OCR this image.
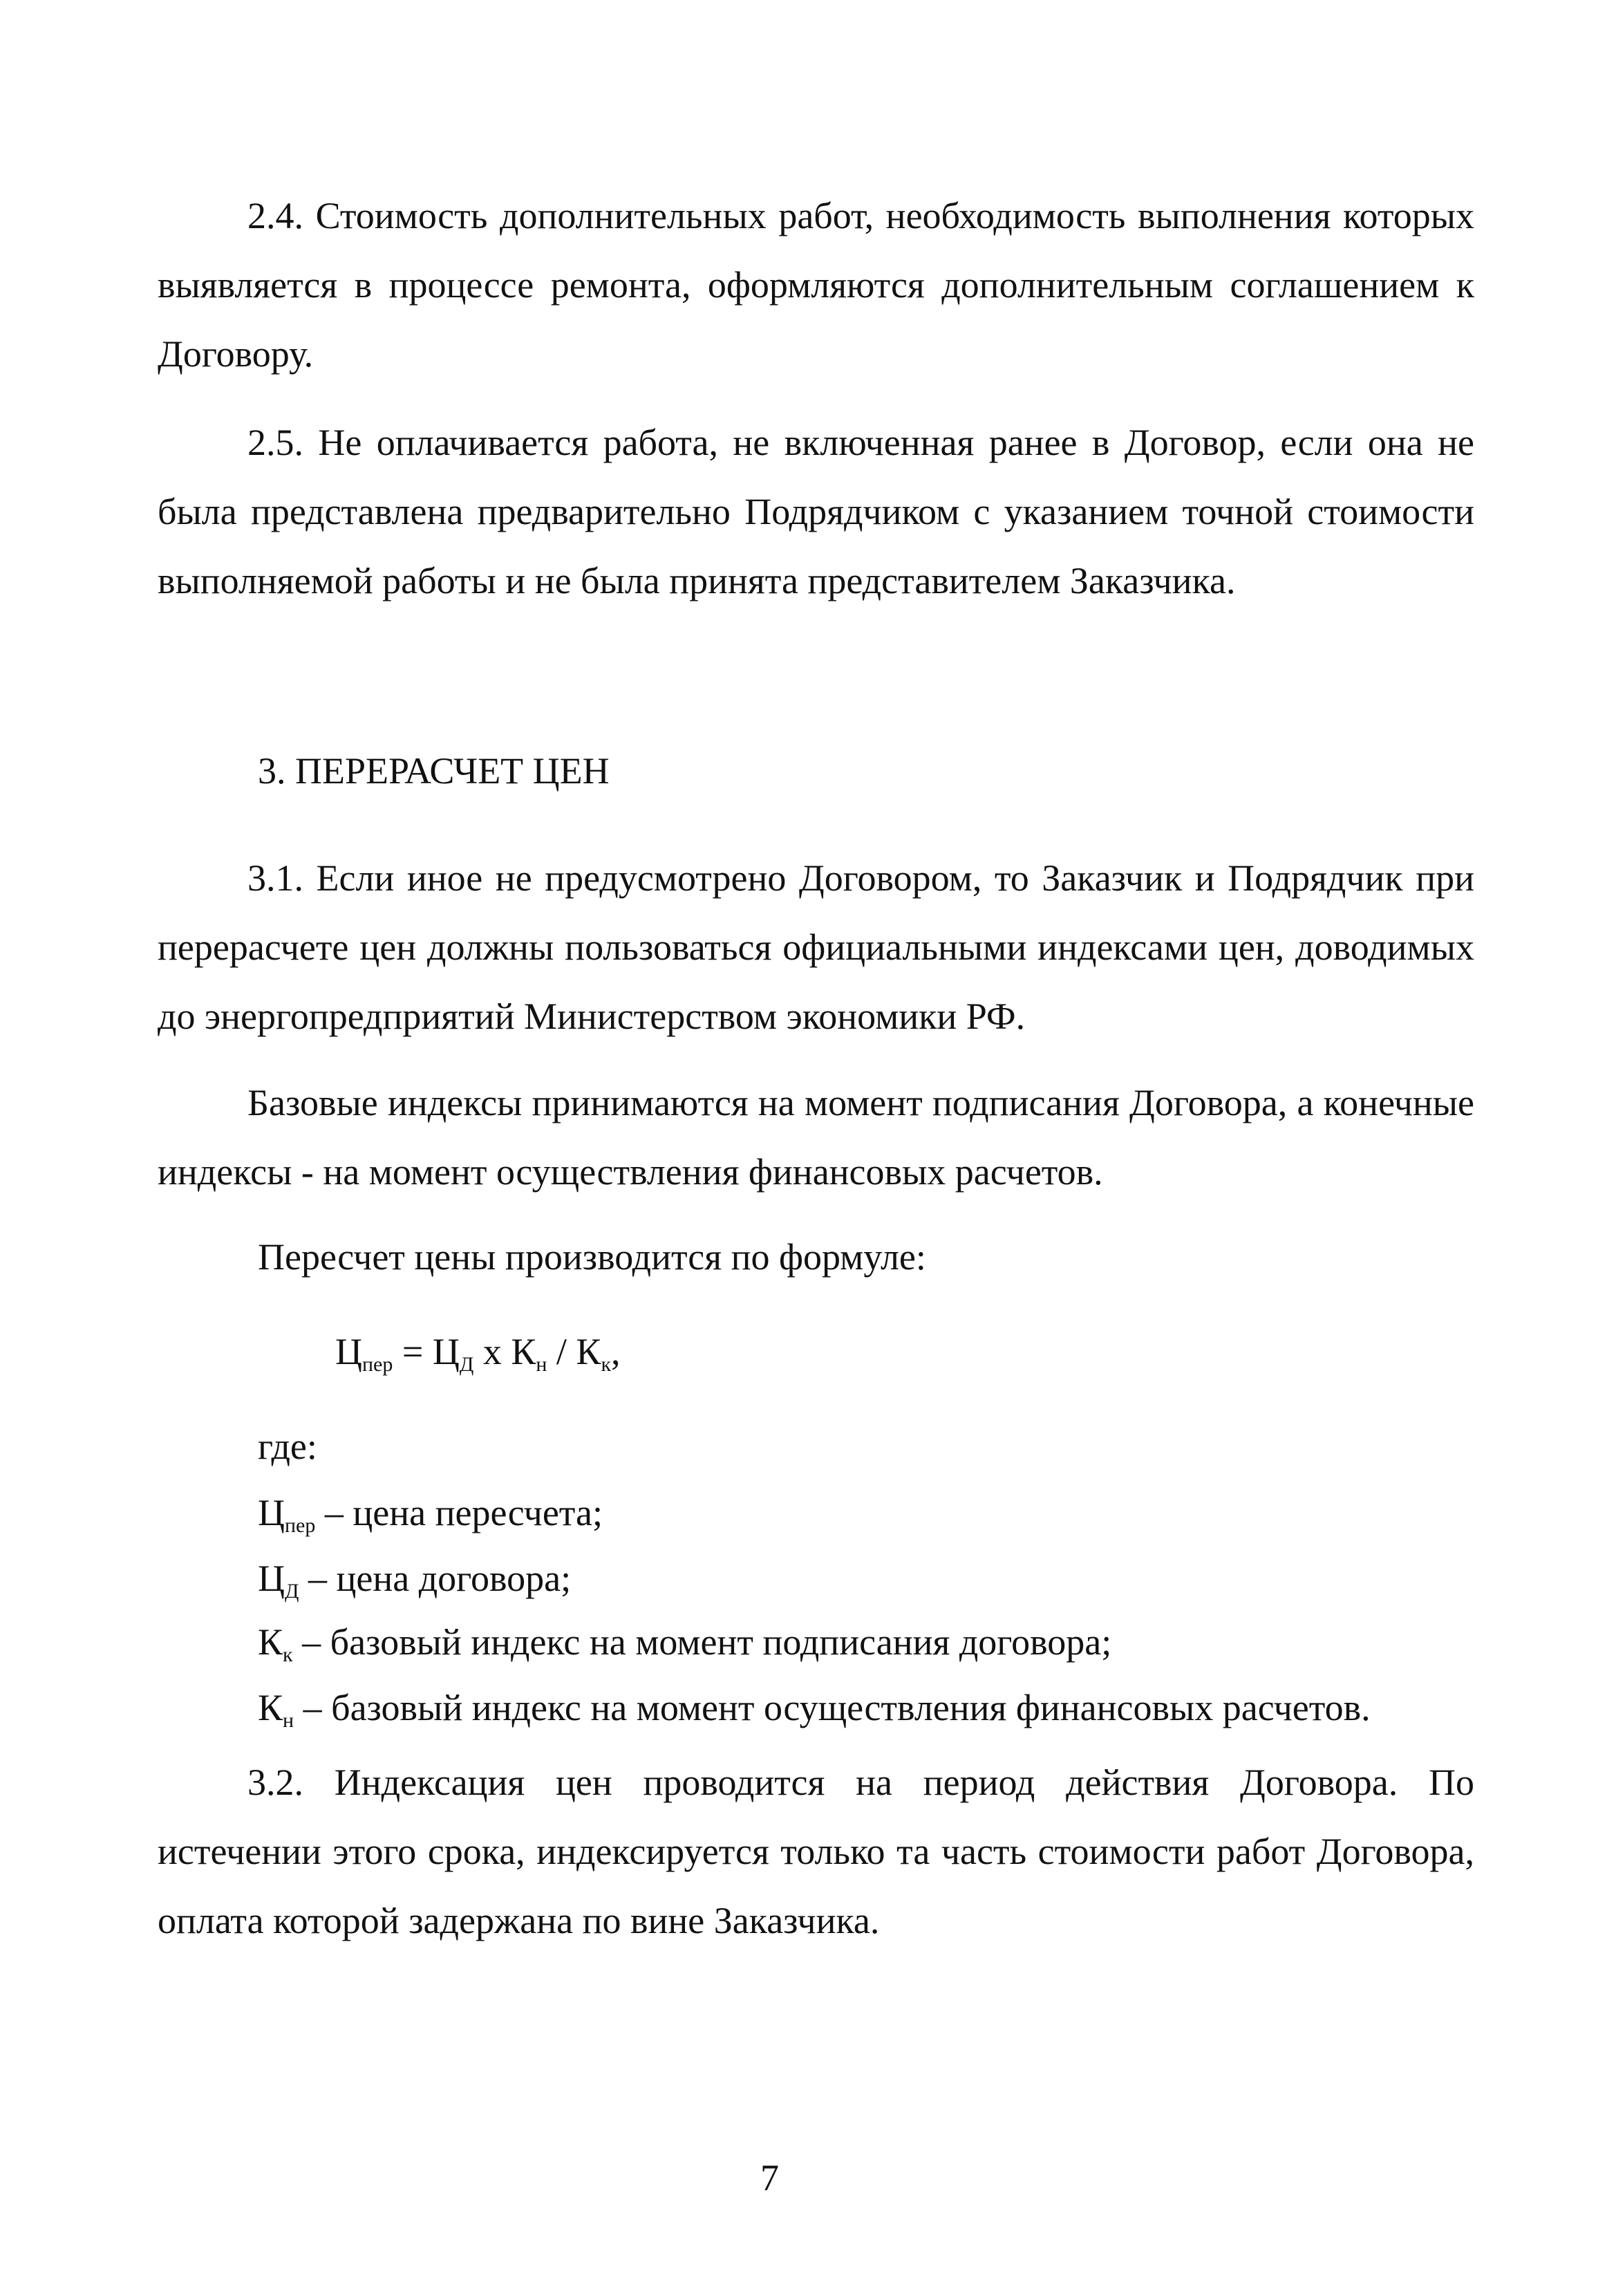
2.4. Стоимость дополнительных работ, необходимость выполнения которых выявляется в процессе ремонта, оформляются дополнительным соглашением к Договору.

2.5. Не оплачивается работа, не включенная ранее в Договор, если она не была представлена предварительно Подрядчиком с указанием точной стоимости выполняемой работы и не была принята представителем Заказчика.

3. ПЕРЕРАСЧЕТ ЦЕН

3.1. Если иное не предусмотрено Договором, то Заказчик и Подрядчик при перерасчете цен должны пользоваться официальными индексами цен, доводимых до энергопредприятий Министерством экономики РФ.

Базовые индексы принимаются на момент подписания Договора, а конечные индексы - на момент осуществления финансовых расчетов.

Пересчет цены производится по формуле:

$Ц_{пер} = Ц_Д$ х $К_н / К_к$,

где:

$Ц_{пер}$ – цена пересчета;
$Ц_Д$ – цена договора;
$К_к$ – базовый индекс на момент подписания договора;
$К_н$ – базовый индекс на момент осуществления финансовых расчетов.

3.2. Индексация цен проводится на период действия Договора. По истечении этого срока, индексируется только та часть стоимости работ Договора, оплата которой задержана по вине Заказчика.

7
